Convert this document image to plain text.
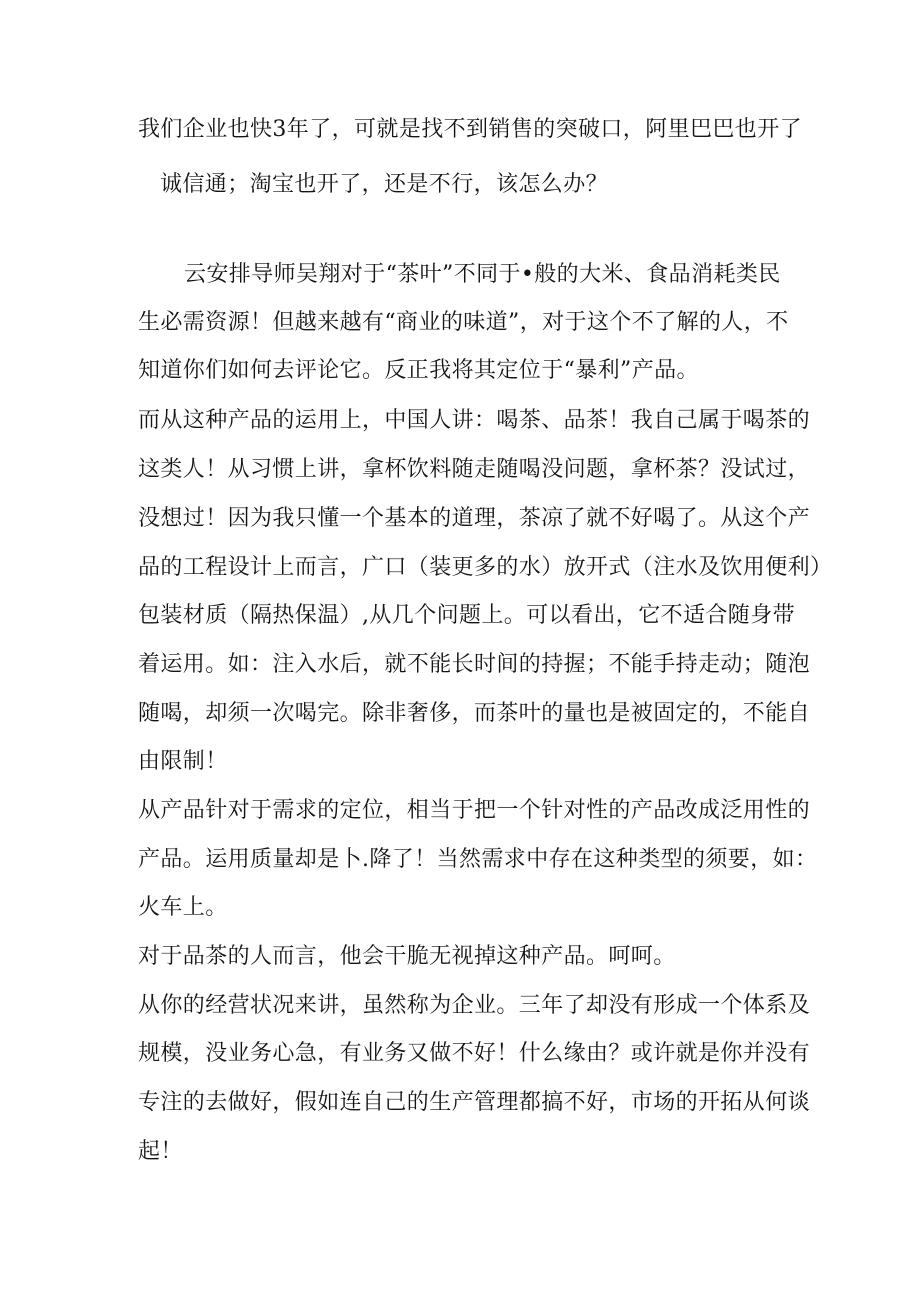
我们企业也快3年了，可就是找不到销售的突破口，阿里巴巴也开了

诚信通；淘宝也开了，还是不行，该怎么办？

云安排导师吴翔对于“茶叶”不同于•般的大米、食品消耗类民

生必需资源！但越来越有“商业的味道”，对于这个不了解的人，不

知道你们如何去评论它。反正我将其定位于“暴利”产品。

而从这种产品的运用上，中国人讲：喝茶、品茶！我自己属于喝茶的

这类人！从习惯上讲，拿杯饮料随走随喝没问题，拿杯茶？没试过，

没想过！因为我只懂一个基本的道理，茶凉了就不好喝了。从这个产

品的工程设计上而言，广口（装更多的水）放开式（注水及饮用便利）

包装材质（隔热保温）,从几个问题上。可以看出，它不适合随身带

着运用。如：注入水后，就不能长时间的持握；不能手持走动；随泡

随喝，却须一次喝完。除非奢侈，而茶叶的量也是被固定的，不能自

由限制！

从产品针对于需求的定位，相当于把一个针对性的产品改成泛用性的

产品。运用质量却是卜.降了！当然需求中存在这种类型的须要，如：

火车上。

对于品茶的人而言，他会干脆无视掉这种产品。呵呵。

从你的经营状况来讲，虽然称为企业。三年了却没有形成一个体系及

规模，没业务心急，有业务又做不好！什么缘由？或许就是你并没有

专注的去做好，假如连自己的生产管理都搞不好，市场的开拓从何谈

起！
